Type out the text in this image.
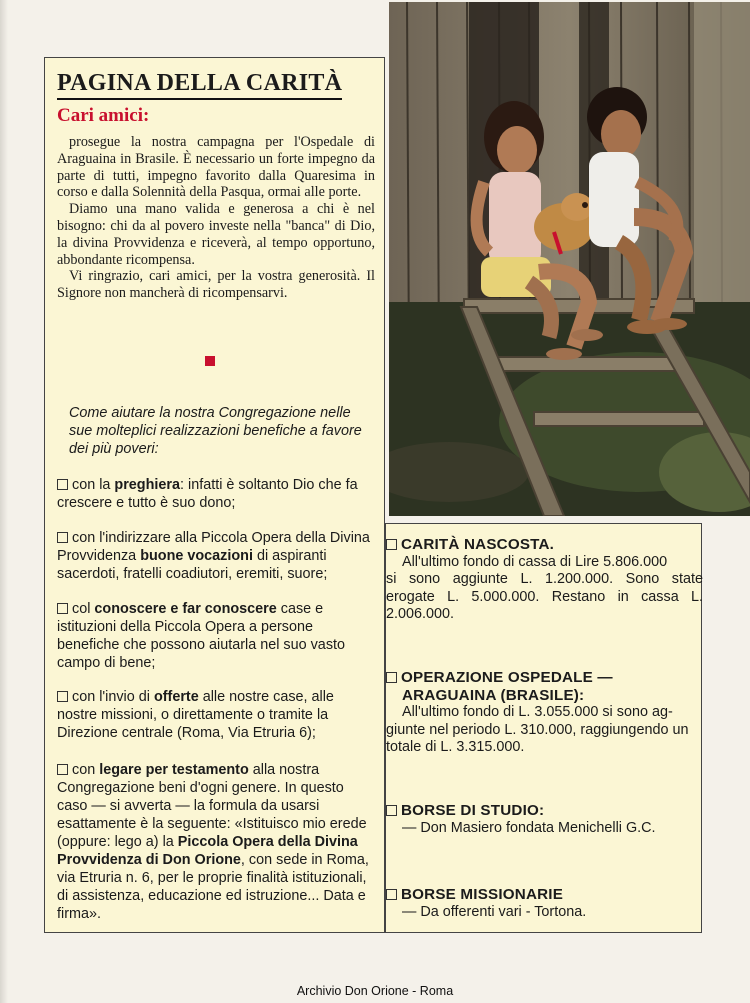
PAGINA DELLA CARITÀ
Cari amici:

prosegue la nostra campagna per l'Ospedale di Araguaina in Brasile. È necessario un forte impegno da parte di tutti, impegno favorito dalla Quaresima in corso e dalla Solennità della Pasqua, ormai alle porte.

Diamo una mano valida e generosa a chi è nel bisogno: chi da al povero investe nella "banca" di Dio, la divina Provvidenza e riceverà, al tempo opportuno, abbondante ricompensa.

Vi ringrazio, cari amici, per la vostra generosità. Il Signore non mancherà di ricompensarvi.

Come aiutare la nostra Congregazione nelle sue molteplici realizzazioni benefiche a favore dei più poveri:
con la preghiera: infatti è soltanto Dio che fa crescere e tutto è suo dono;
con l'indirizzare alla Piccola Opera della Divina Provvidenza buone vocazioni di aspiranti sacerdoti, fratelli coadiutori, eremiti, suore;
col conoscere e far conoscere case e istituzioni della Piccola Opera a persone benefiche che possono aiutarla nel suo vasto campo di bene;
con l'invio di offerte alle nostre case, alle nostre missioni, o direttamente o tramite la Direzione centrale (Roma, Via Etruria 6);
con legare per testamento alla nostra Congregazione beni d'ogni genere. In questo caso — si avverta — la formula da usarsi esattamente è la seguente: «Istituisco mio erede (oppure: lego a) la Piccola Opera della Divina Provvidenza di Don Orione, con sede in Roma, via Etruria n. 6, per le proprie finalità istituzionali, di assistenza, educazione ed istruzione... Data e firma».
CARITÀ NASCOSTA.
All'ultimo fondo di cassa di Lire 5.806.000
si sono aggiunte L. 1.200.000. Sono state erogate L. 5.000.000. Restano in cassa L. 2.006.000.
OPERAZIONE OSPEDALE —
ARAGUAINA (BRASILE):
All'ultimo fondo di L. 3.055.000 si sono ag-
giunte nel periodo L. 310.000, raggiungendo un totale di L. 3.315.000.
BORSE DI STUDIO:
— Don Masiero fondata Menichelli G.C.
BORSE MISSIONARIE
— Da offerenti vari - Tortona.
Archivio Don Orione - Roma
